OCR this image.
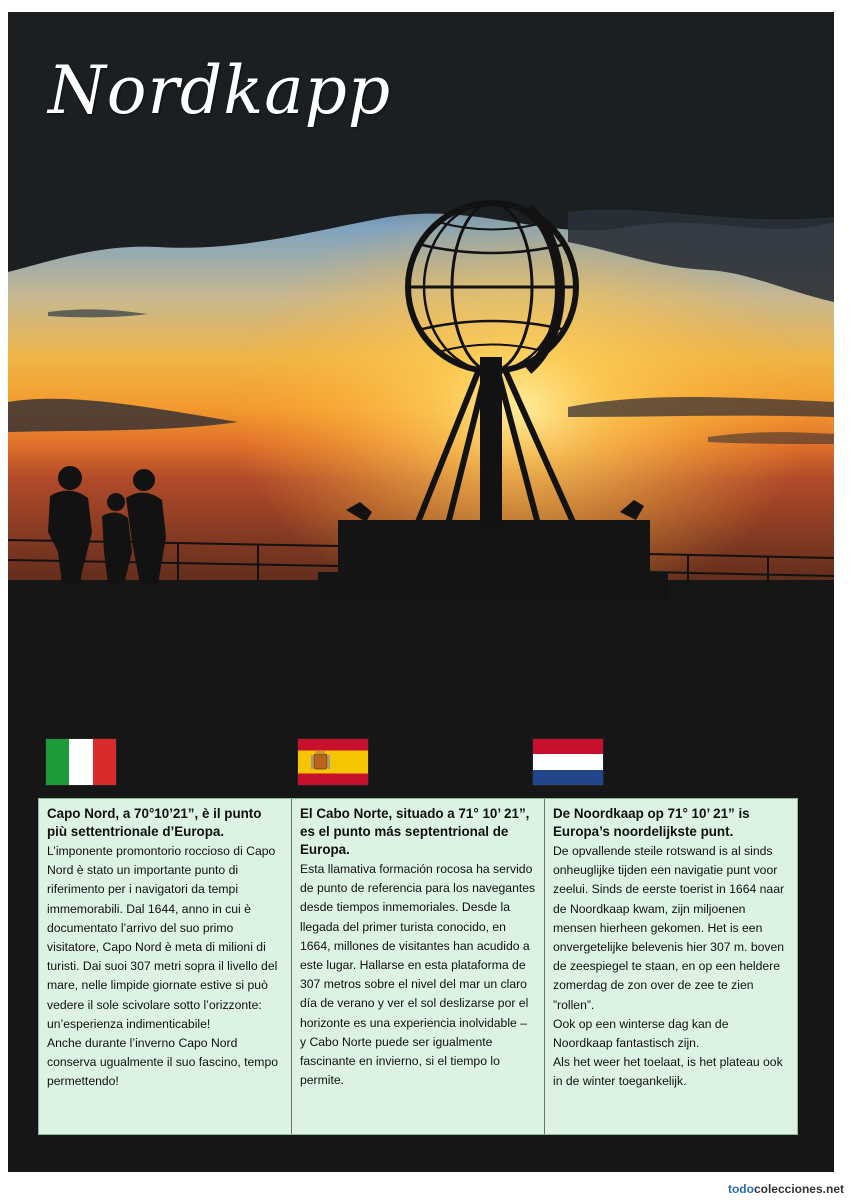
Nordkapp
Capo Nord, a 70°10’21”, è il punto più settentrionale d’Europa.

L’imponente promontorio roccioso di Capo Nord è stato un importante punto di riferimento per i navigatori da tempi immemorabili. Dal 1644, anno in cui è documentato l’arrivo del suo primo visitatore, Capo Nord è meta di milioni di turisti. Dai suoi 307 metri sopra il livello del mare, nelle limpide giornate estive si può vedere il sole scivolare sotto l’orizzonte: un’esperienza indimenticabile!

Anche durante l’inverno Capo Nord conserva ugualmente il suo fascino, tempo permettendo!

El Cabo Norte, situado a 71° 10’ 21”, es el punto más septentrional de Europa.

Esta llamativa formación rocosa ha servido de punto de referencia para los navegantes desde tiempos inmemoriales. Desde la llegada del primer turista conocido, en 1664, millones de visitantes han acudido a este lugar. Hallarse en esta plataforma de 307 metros sobre el nivel del mar un claro día de verano y ver el sol deslizarse por el horizonte es una experiencia inolvidable – y Cabo Norte puede ser igualmente fascinante en invierno, si el tiempo lo permite.

De Noordkaap op 71° 10’ 21” is Europa’s noordelijkste punt.

De opvallende steile rotswand is al sinds onheuglijke tijden een navigatie punt voor zeelui. Sinds de eerste toerist in 1664 naar de Noordkaap kwam, zijn miljoenen mensen hierheen gekomen. Het is een onvergetelijke belevenis hier 307 m. boven de zeespiegel te staan, en op een heldere zomerdag de zon over de zee te zien ”rollen”.

Ook op een winterse dag kan de Noordkaap fantastisch zijn.

Als het weer het toelaat, is het plateau ook in de winter toegankelijk.

todocolecciones.net
